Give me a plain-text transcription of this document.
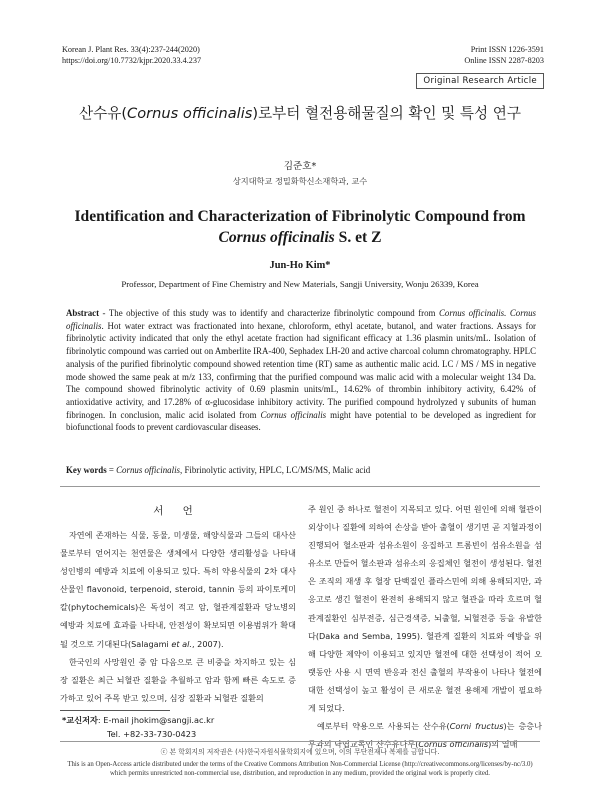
Korean J. Plant Res. 33(4):237-244(2020)
https://doi.org/10.7732/kjpr.2020.33.4.237
Print ISSN 1226-3591
Online ISSN 2287-8203
Original Research Article
산수유(Cornus officinalis)로부터 혈전용해물질의 확인 및 특성 연구
김준호*
상지대학교 정밀화학신소재학과, 교수
Identification and Characterization of Fibrinolytic Compound from
Cornus officinalis S. et Z
Jun-Ho Kim*
Professor, Department of Fine Chemistry and New Materials, Sangji University, Wonju 26339, Korea
Abstract - The objective of this study was to identify and characterize fibrinolytic compound from Cornus officinalis. Cornus officinalis. Hot water extract was fractionated into hexane, chloroform, ethyl acetate, butanol, and water fractions. Assays for fibrinolytic activity indicated that only the ethyl acetate fraction had significant efficacy at 1.36 plasmin units/mL. Isolation of fibrinolytic compound was carried out on Amberlite IRA-400, Sephadex LH-20 and active charcoal column chromatography. HPLC analysis of the purified fibrinolytic compound showed retention time (RT) same as authentic malic acid. LC / MS / MS in negative mode showed the same peak at m/z 133, confirming that the purified compound was malic acid with a molecular weight 134 Da. The compound showed fibrinolytic activity of 0.69 plasmin units/mL, 14.62% of thrombin inhibitory activity, 6.42% of antioxidative activity, and 17.28% of α-glucosidase inhibitory activity. The purified compound hydrolyzed γ subunits of human fibrinogen. In conclusion, malic acid isolated from Cornus officinalis might have potential to be developed as ingredient for biofunctional foods to prevent cardiovascular diseases.
Key words = Cornus officinalis, Fibrinolytic activity, HPLC, LC/MS/MS, Malic acid
서 언

자연에 존재하는 식물, 동물, 미생물, 해양식물과 그들의 대사산물로부터 얻어지는 천연물은 생체에서 다양한 생리활성을 나타내 성인병의 예방과 치료에 이용되고 있다. 특히 약용식물의 2차 대사산물인 flavonoid, terpenoid, steroid, tannin 등의 파이토케미칼(phytochemicals)은 독성이 적고 암, 혈관계질환과 당뇨병의 예방과 치료에 효과를 나타내, 안전성이 확보되면 이용범위가 확대될 것으로 기대된다(Salagami et al., 2007).

한국인의 사망원인 중 암 다음으로 큰 비중을 차지하고 있는 심장 질환은 최근 뇌혈관 질환을 추월하고 암과 함께 빠른 속도로 증가하고 있어 주목 받고 있으며, 심장 질환과 뇌혈관 질환의

주 원인 중 하나로 혈전이 지목되고 있다. 어떤 원인에 의해 혈관이 외상이나 질환에 의하여 손상을 받아 출혈이 생기면 곧 지혈과정이 진행되어 혈소판과 섬유소원이 응집하고 트롬빈이 섬유소원을 섬유소로 만들어 혈소판과 섬유소의 응집체인 혈전이 생성된다. 혈전은 조직의 재생 후 혈장 단백질인 플라스민에 의해 용해되지만, 과응고로 생긴 혈전이 완전히 용해되지 않고 혈관을 따라 흐르며 혈관계질환인 심부전증, 심근경색증, 뇌출혈, 뇌혈전증 등을 유발한다(Daka and Semba, 1995). 혈관계 질환의 치료와 예방을 위해 다양한 제약이 이용되고 있지만 혈전에 대한 선택성이 적어 오랫동안 사용 시 면역 반응과 전신 출혈의 부작용이 나타나 혈전에 대한 선택성이 높고 활성이 큰 새로운 혈전 용해제 개발이 필요하게 되었다.

예로부터 약용으로 사용되는 산수유(Corni fructus)는 층층나무과의 낙엽교목인 산수유나무(Cornus officinalis)의 열매

*교신저자: E-mail jhokim@sangji.ac.kr
Tel. +82-33-730-0423
ⓒ 본 학회지의 저작권은 (사)한국자원식물학회지에 있으며, 이의 무단전재나 복제를 금합니다.
This is an Open-Access article distributed under the terms of the Creative Commons Attribution Non-Commercial License (http://creativecommons.org/licenses/by-nc/3.0) which permits unrestricted non-commercial use, distribution, and reproduction in any medium, provided the original work is properly cited.
